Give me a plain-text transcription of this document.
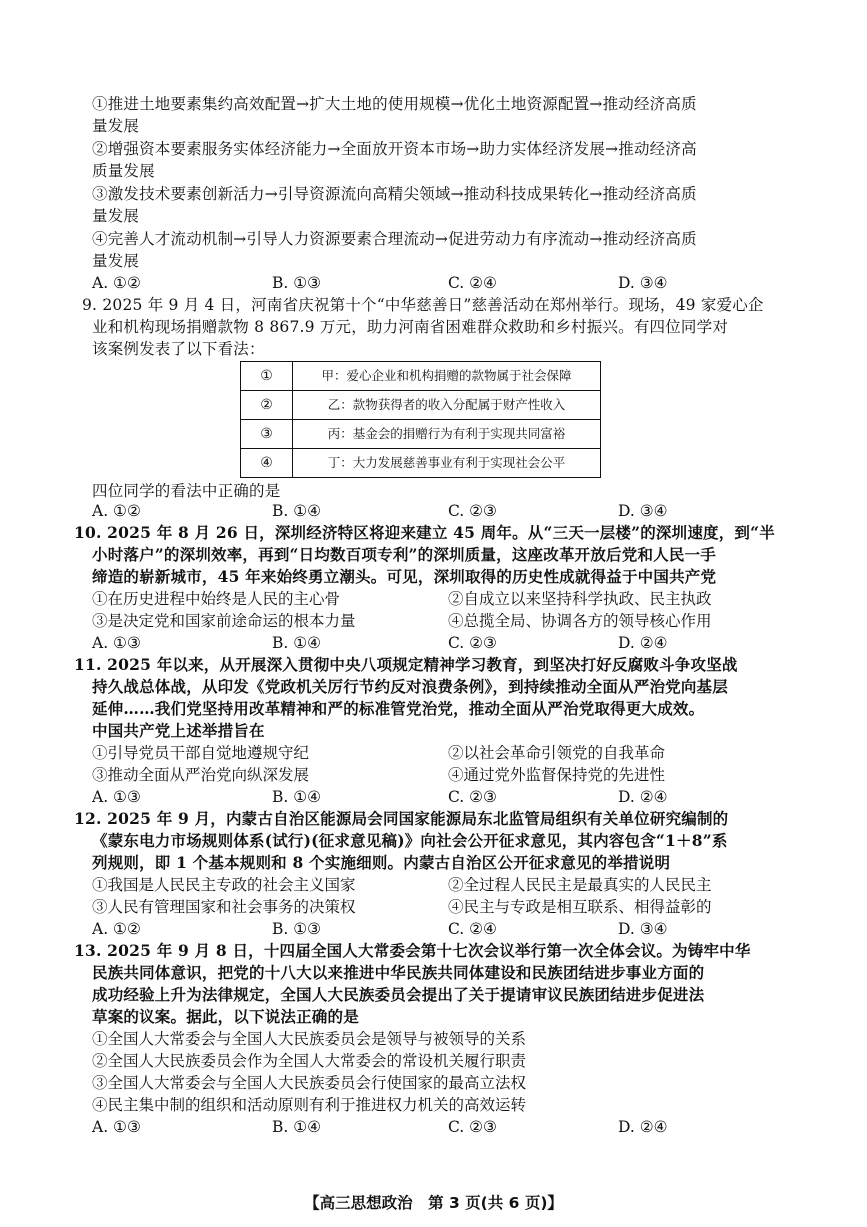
①推进土地要素集约高效配置→扩大土地的使用规模→优化土地资源配置→推动经济高质
量发展
②增强资本要素服务实体经济能力→全面放开资本市场→助力实体经济发展→推动经济高
质量发展
③激发技术要素创新活力→引导资源流向高精尖领域→推动科技成果转化→推动经济高质
量发展
④完善人才流动机制→引导人力资源要素合理流动→促进劳动力有序流动→推动经济高质
量发展
A. ①②	B. ①③	C. ②④	D. ③④
9. 2025 年 9 月 4 日，河南省庆祝第十个“中华慈善日”慈善活动在郑州举行。现场，49 家爱心企
业和机构现场捐赠款物 8 867.9 万元，助力河南省困难群众救助和乡村振兴。有四位同学对
该案例发表了以下看法：
①	甲：爱心企业和机构捐赠的款物属于社会保障
②	乙：款物获得者的收入分配属于财产性收入
③	丙：基金会的捐赠行为有利于实现共同富裕
④	丁：大力发展慈善事业有利于实现社会公平
四位同学的看法中正确的是
A. ①②	B. ①④	C. ②③	D. ③④
10. 2025 年 8 月 26 日，深圳经济特区将迎来建立 45 周年。从“三天一层楼”的深圳速度，到“半
小时落户”的深圳效率，再到“日均数百项专利”的深圳质量，这座改革开放后党和人民一手
缔造的崭新城市，45 年来始终勇立潮头。可见，深圳取得的历史性成就得益于中国共产党
①在历史进程中始终是人民的主心骨	②自成立以来坚持科学执政、民主执政
③是决定党和国家前途命运的根本力量	④总揽全局、协调各方的领导核心作用
A. ①③	B. ①④	C. ②③	D. ②④
11. 2025 年以来，从开展深入贯彻中央八项规定精神学习教育，到坚决打好反腐败斗争攻坚战
持久战总体战，从印发《党政机关厉行节约反对浪费条例》，到持续推动全面从严治党向基层
延伸……我们党坚持用改革精神和严的标准管党治党，推动全面从严治党取得更大成效。
中国共产党上述举措旨在
①引导党员干部自觉地遵规守纪	②以社会革命引领党的自我革命
③推动全面从严治党向纵深发展	④通过党外监督保持党的先进性
A. ①③	B. ①④	C. ②③	D. ②④
12. 2025 年 9 月，内蒙古自治区能源局会同国家能源局东北监管局组织有关单位研究编制的
《蒙东电力市场规则体系(试行)(征求意见稿)》向社会公开征求意见，其内容包含“1＋8”系
列规则，即 1 个基本规则和 8 个实施细则。内蒙古自治区公开征求意见的举措说明
①我国是人民民主专政的社会主义国家	②全过程人民民主是最真实的人民民主
③人民有管理国家和社会事务的决策权	④民主与专政是相互联系、相得益彰的
A. ①②	B. ①③	C. ②④	D. ③④
13. 2025 年 9 月 8 日，十四届全国人大常委会第十七次会议举行第一次全体会议。为铸牢中华
民族共同体意识，把党的十八大以来推进中华民族共同体建设和民族团结进步事业方面的
成功经验上升为法律规定，全国人大民族委员会提出了关于提请审议民族团结进步促进法
草案的议案。据此，以下说法正确的是
①全国人大常委会与全国人大民族委员会是领导与被领导的关系
②全国人大民族委员会作为全国人大常委会的常设机关履行职责
③全国人大常委会与全国人大民族委员会行使国家的最高立法权
④民主集中制的组织和活动原则有利于推进权力机关的高效运转
A. ①③	B. ①④	C. ②③	D. ②④
【高三思想政治　第 3 页(共 6 页)】
